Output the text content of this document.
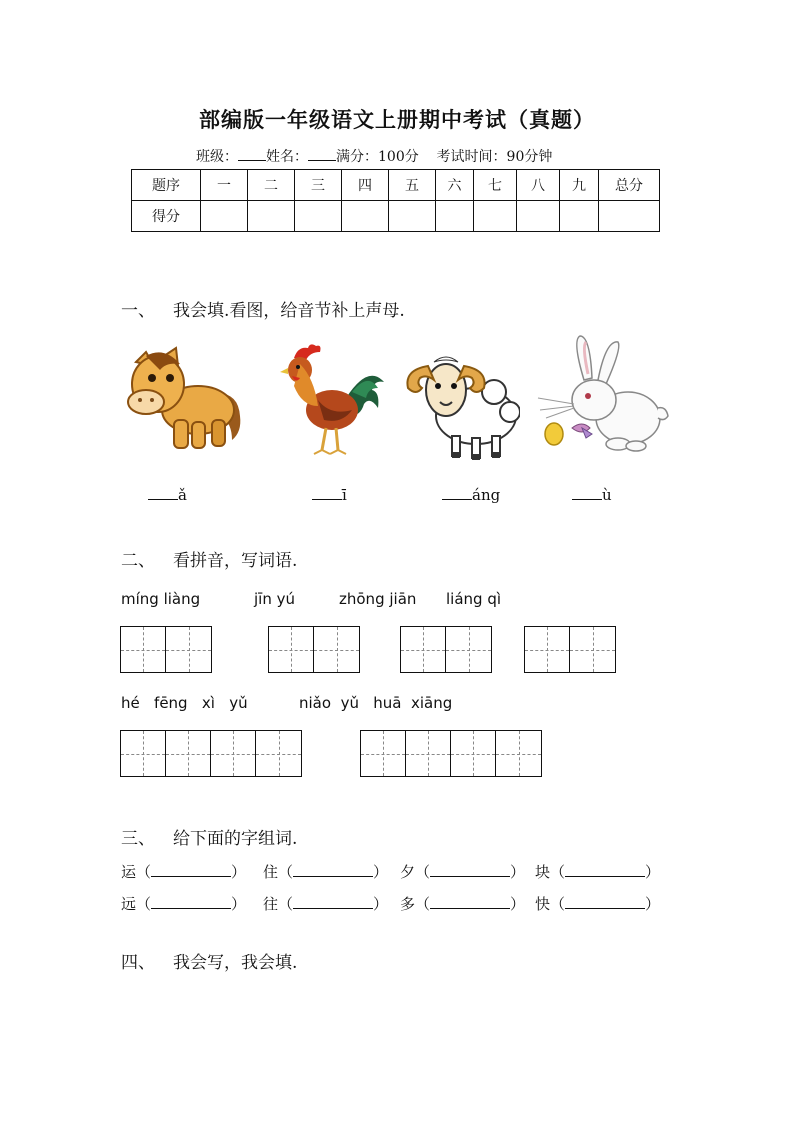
部编版一年级语文上册期中考试（真题）
班级： 姓名： 满分：100分 考试时间：90分钟
题序	一	二	三	四	五	六	七	八	九	总分
得分										
一、 我会填.看图，给音节补上声母.
ǎ	ī	áng	ù
二、 看拼音，写词语.
míng liàng	jīn yú	zhōng jiān liáng qì
hé   fēng   xì   yǔ	niǎo  yǔ   huā  xiāng
三、 给下面的字组词.
运（	） 住（	） 夕（	） 块（	）
远（	） 往（	） 多（	） 快（	）
四、 我会写，我会填.
